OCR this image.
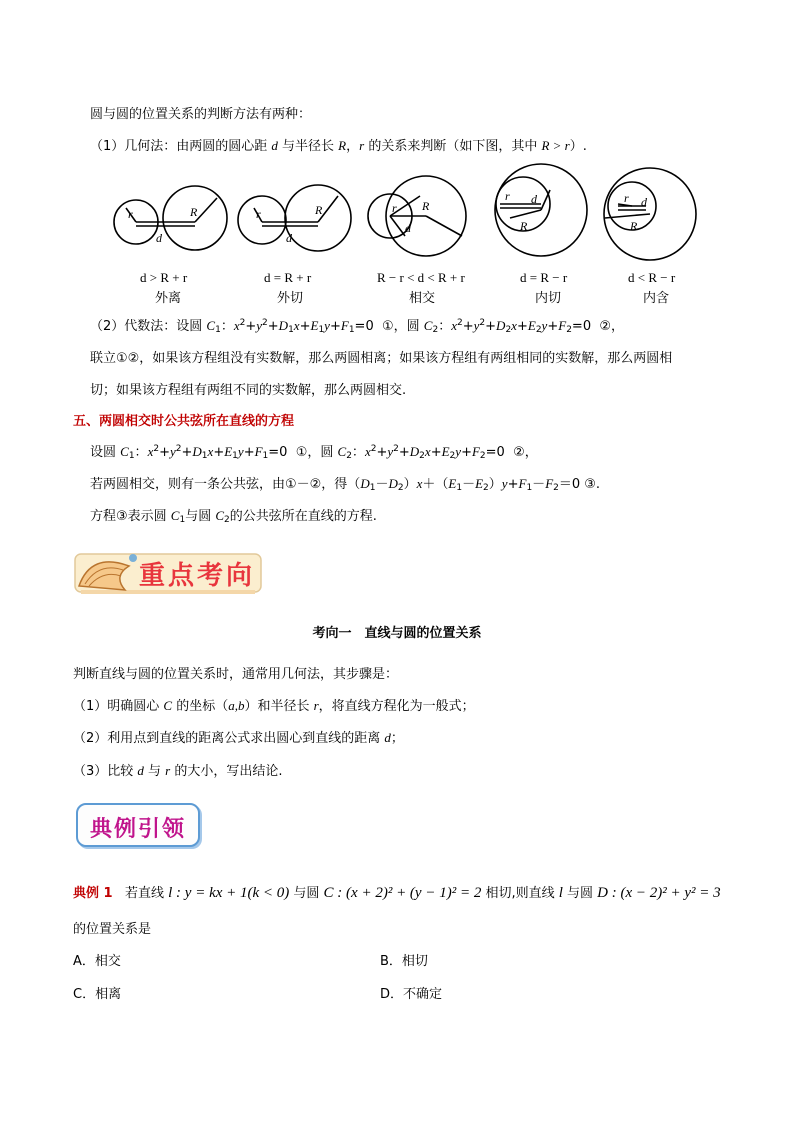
圆与圆的位置关系的判断方法有两种：
（1）几何法：由两圆的圆心距 d 与半径长 R，r 的关系来判断（如下图，其中 R > r）.
r	R
d
r	R
d
r R
d
r d
R
r d
R
d > R + r
外离
d = R + r
外切
R − r < d < R + r
相交
d = R − r
内切
d < R − r
内含
（2）代数法：设圆 C1：$x^2+y^2+D1x+E1y+F1=0$ ①，圆 C2：$x^2+y^2+D2x+E2y+F2=0$ ②，
联立①②，如果该方程组没有实数解，那么两圆相离；如果该方程组有两组相同的实数解，那么两圆相
切；如果该方程组有两组不同的实数解，那么两圆相交.
五、两圆相交时公共弦所在直线的方程
设圆 C1：$x^2+y^2+D1x+E1y+F1=0$ ①，圆 C2：$x^2+y^2+D2x+E2y+F2=0$ ②，
若两圆相交，则有一条公共弦，由①－②，得（D1－D2）x＋（E1－E2）y+F1－F2＝0 ③.
方程③表示圆 C1与圆 C2的公共弦所在直线的方程.
重点考向
考向一　直线与圆的位置关系
判断直线与圆的位置关系时，通常用几何法，其步骤是：
（1）明确圆心 C 的坐标（a,b）和半径长 r，将直线方程化为一般式；
（2）利用点到直线的距离公式求出圆心到直线的距离 d；
（3）比较 d 与 r 的大小，写出结论.
典例引领
典例 1 若直线 l : y = kx + 1(k < 0) 与圆 C : (x + 2)² + (y − 1)² = 2 相切,则直线 l 与圆 D : (x − 2)² + y² = 3
的位置关系是
A．相交	B．相切
C．相离	D．不确定
